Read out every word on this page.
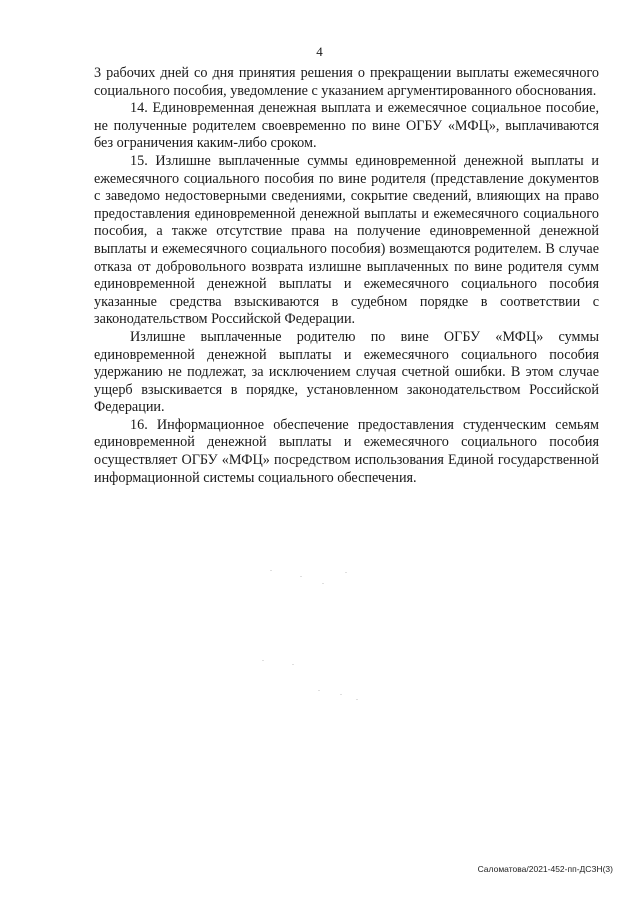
4

3 рабочих дней со дня принятия решения о прекращении выплаты ежемесячного социального пособия, уведомление с указанием аргументированного обоснования.

14. Единовременная денежная выплата и ежемесячное социальное пособие, не полученные родителем своевременно по вине ОГБУ «МФЦ», выплачиваются без ограничения каким-либо сроком.

15. Излишне выплаченные суммы единовременной денежной выплаты и ежемесячного социального пособия по вине родителя (представление документов с заведомо недостоверными сведениями, сокрытие сведений, влияющих на право предоставления единовременной денежной выплаты и ежемесячного социального пособия, а также отсутствие права на получение единовременной денежной выплаты и ежемесячного социального пособия) возмещаются родителем. В случае отказа от добровольного возврата излишне выплаченных по вине родителя сумм единовременной денежной выплаты и ежемесячного социального пособия указанные средства взыскиваются в судебном порядке в соответствии с законодательством Российской Федерации.

Излишне выплаченные родителю по вине ОГБУ «МФЦ» суммы единовременной денежной выплаты и ежемесячного социального пособия удержанию не подлежат, за исключением случая счетной ошибки. В этом случае ущерб взыскивается в порядке, установленном законодательством Российской Федерации.

16. Информационное обеспечение предоставления студенческим семьям единовременной денежной выплаты и ежемесячного социального пособия осуществляет ОГБУ «МФЦ» посредством использования Единой государственной информационной системы социального обеспечения.

Саломатова/2021-452-пп-ДСЗН(3)
